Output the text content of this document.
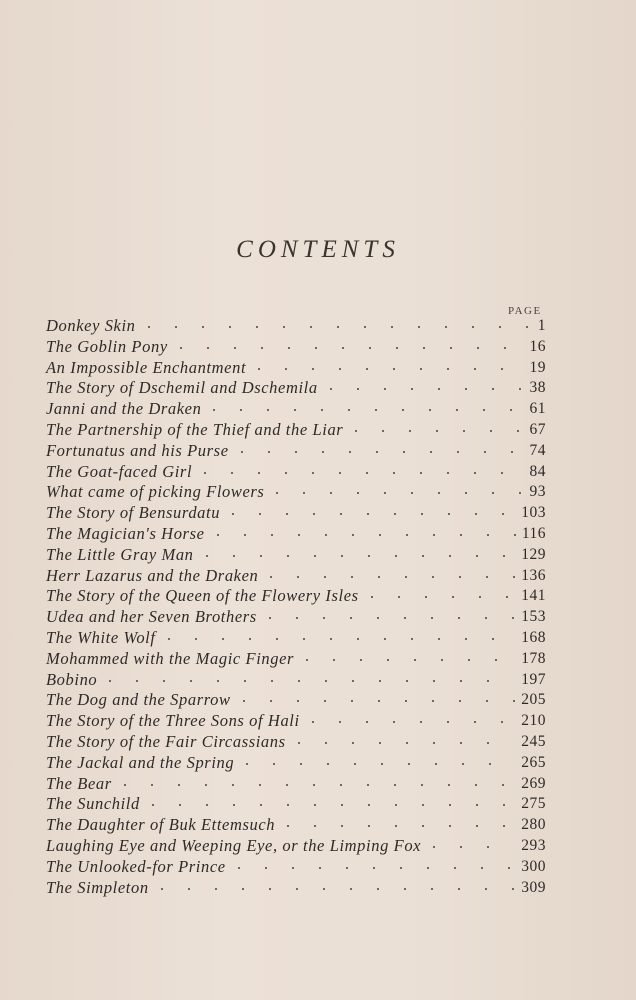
CONTENTS
PAGE
Donkey Skin	1
The Goblin Pony	16
An Impossible Enchantment	19
The Story of Dschemil and Dschemila	38
Janni and the Draken	61
The Partnership of the Thief and the Liar	67
Fortunatus and his Purse	74
The Goat-faced Girl	84
What came of picking Flowers	93
The Story of Bensurdatu	103
The Magician's Horse	116
The Little Gray Man	129
Herr Lazarus and the Draken	136
The Story of the Queen of the Flowery Isles	141
Udea and her Seven Brothers	153
The White Wolf	168
Mohammed with the Magic Finger	178
Bobino	197
The Dog and the Sparrow	205
The Story of the Three Sons of Hali	210
The Story of the Fair Circassians	245
The Jackal and the Spring	265
The Bear	269
The Sunchild	275
The Daughter of Buk Ettemsuch	280
Laughing Eye and Weeping Eye, or the Limping Fox	293
The Unlooked-for Prince	300
The Simpleton	309
